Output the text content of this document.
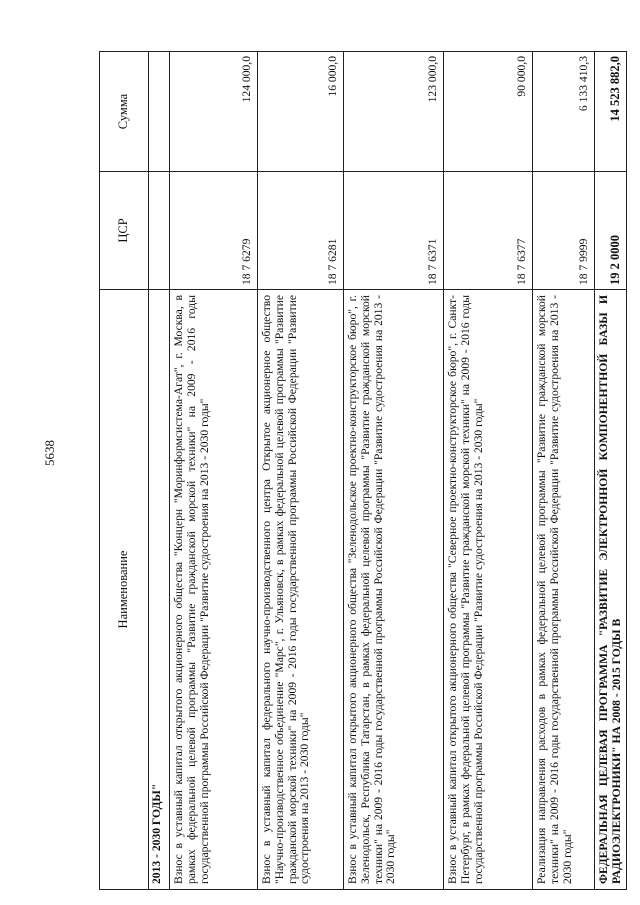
5638
Наименование	ЦСР	Сумма
2013 - 2030 ГОДЫ"		
Взнос в уставный капитал открытого акционерного общества "Концерн "Моринформсистема-Агат", г. Москва, в рамках федеральной целевой программы "Развитие гражданской морской техники" на 2009 - 2016 годы государственной программы Российской Федерации "Развитие судостроения на 2013 - 2030 годы"	18 7 6279	124 000,0
Взнос в уставный капитал федерального научно-производственного центра Открытое акционерное общество "Научно-производственное объединение "Марс", г. Ульяновск, в рамках федеральной целевой программы "Развитие гражданской морской техники" на 2009 - 2016 годы государственной программы Российской Федерации "Развитие судостроения на 2013 - 2030 годы"	18 7 6281	16 000,0
Взнос в уставный капитал открытого акционерного общества "Зеленодольское проектно-конструкторское бюро", г. Зеленодольск, Республика Татарстан, в рамках федеральной целевой программы "Развитие гражданской морской техники" на 2009 - 2016 годы государственной программы Российской Федерации "Развитие судостроения на 2013 - 2030 годы"	18 7 6371	123 000,0
Взнос в уставный капитал открытого акционерного общества "Северное проектно-конструкторское бюро", г. Санкт-Петербург, в рамках федеральной целевой программы "Развитие гражданской морской техники" на 2009 - 2016 годы государственной программы Российской Федерации "Развитие судостроения на 2013 - 2030 годы"	18 7 6377	90 000,0
Реализация направления расходов в рамках федеральной целевой программы "Развитие гражданской морской техники" на 2009 - 2016 годы государственной программы Российской Федерации "Развитие судостроения на 2013 - 2030 годы"	18 7 9999	6 133 410,3
ФЕДЕРАЛЬНАЯ ЦЕЛЕВАЯ ПРОГРАММА "РАЗВИТИЕ ЭЛЕКТРОННОЙ КОМПОНЕНТНОЙ БАЗЫ И РАДИОЭЛЕКТРОНИКИ" НА 2008 - 2015 ГОДЫ В	19 2 0000	14 523 882,0
